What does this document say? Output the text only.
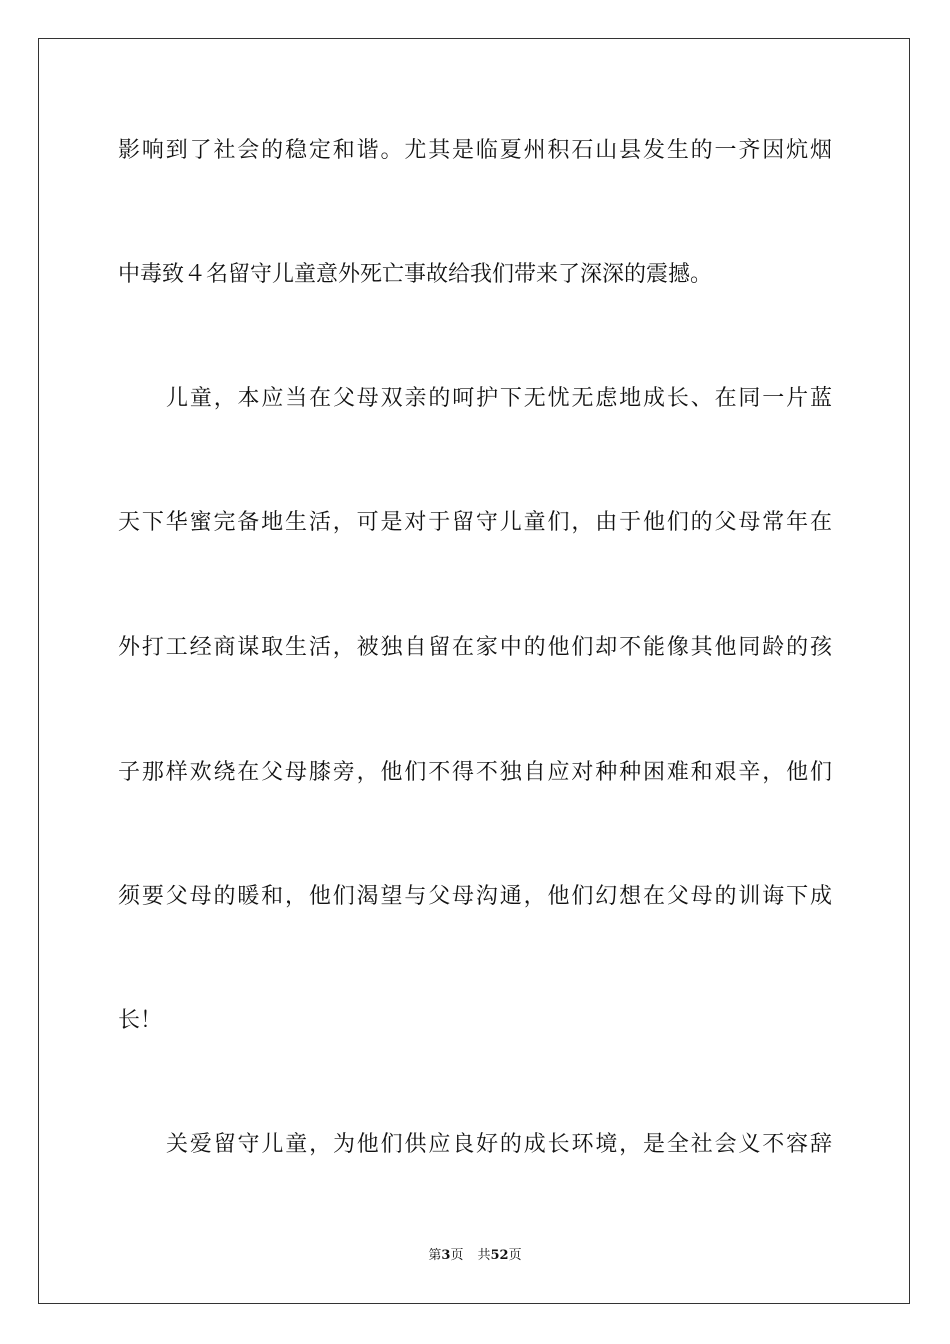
影响到了社会的稳定和谐。尤其是临夏州积石山县发生的一齐因炕烟
中毒致４名留守儿童意外死亡事故给我们带来了深深的震撼。
儿童，本应当在父母双亲的呵护下无忧无虑地成长、在同一片蓝
天下华蜜完备地生活，可是对于留守儿童们，由于他们的父母常年在
外打工经商谋取生活，被独自留在家中的他们却不能像其他同龄的孩
子那样欢绕在父母膝旁，他们不得不独自应对种种困难和艰辛，他们
须要父母的暖和，他们渴望与父母沟通，他们幻想在父母的训诲下成
长！
关爱留守儿童，为他们供应良好的成长环境，是全社会义不容辞
第3页 共52页
